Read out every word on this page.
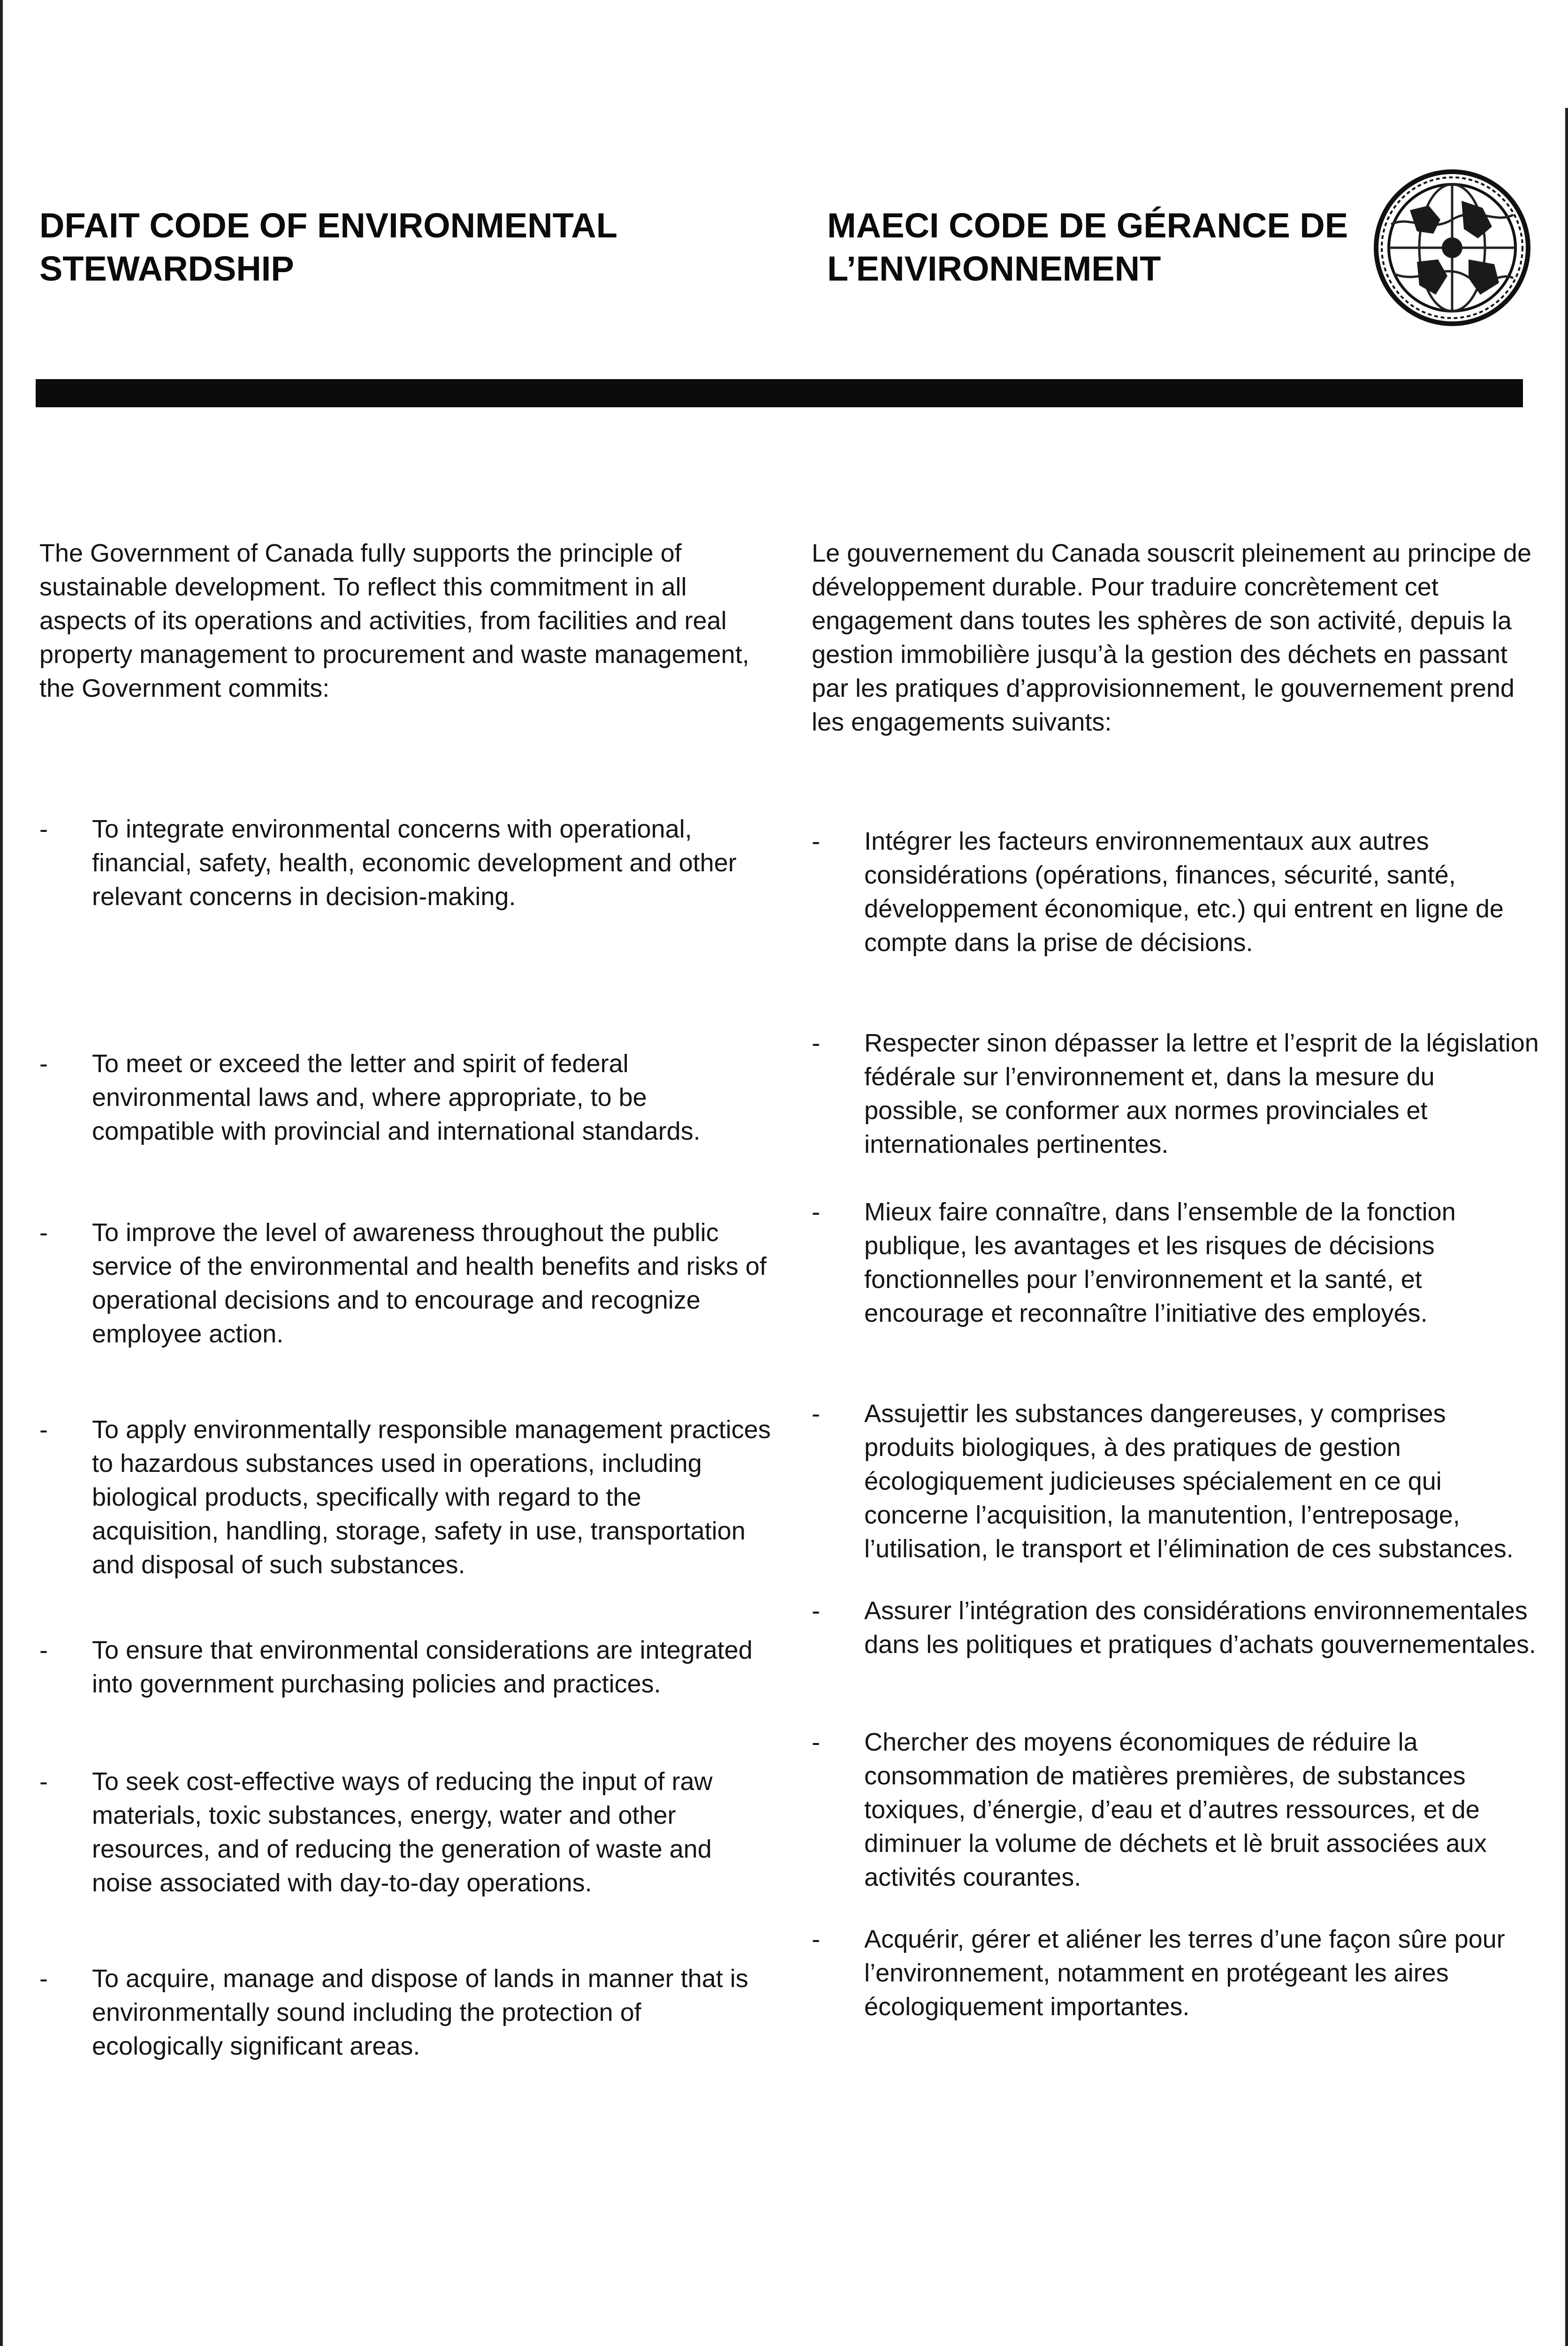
DFAIT CODE OF ENVIRONMENTAL STEWARDSHIP
MAECI CODE DE GÉRANCE DE L’ENVIRONNEMENT

The Government of Canada fully supports the principle of sustainable development. To reflect this commitment in all aspects of its operations and activities, from facilities and real property management to procurement and waste management, the Government commits:

- To integrate environmental concerns with operational, financial, safety, health, economic development and other relevant concerns in decision-making.
- To meet or exceed the letter and spirit of federal environmental laws and, where appropriate, to be compatible with provincial and international standards.
- To improve the level of awareness throughout the public service of the environmental and health benefits and risks of operational decisions and to encourage and recognize employee action.
- To apply environmentally responsible management practices to hazardous substances used in operations, including biological products, specifically with regard to the acquisition, handling, storage, safety in use, transportation and disposal of such substances.
- To ensure that environmental considerations are integrated into government purchasing policies and practices.
- To seek cost-effective ways of reducing the input of raw materials, toxic substances, energy, water and other resources, and of reducing the generation of waste and noise associated with day-to-day operations.
- To acquire, manage and dispose of lands in manner that is environmentally sound including the protection of ecologically significant areas.

Le gouvernement du Canada souscrit pleinement au principe de développement durable. Pour traduire concrètement cet engagement dans toutes les sphères de son activité, depuis la gestion immobilière jusqu’à la gestion des déchets en passant par les pratiques d’approvisionnement, le gouvernement prend les engagements suivants:

- Intégrer les facteurs environnementaux aux autres considérations (opérations, finances, sécurité, santé, développement économique, etc.) qui entrent en ligne de compte dans la prise de décisions.
- Respecter sinon dépasser la lettre et l’esprit de la législation fédérale sur l’environnement et, dans la mesure du possible, se conformer aux normes provinciales et internationales pertinentes.
- Mieux faire connaître, dans l’ensemble de la fonction publique, les avantages et les risques de décisions fonctionnelles pour l’environnement et la santé, et encourage et reconnaître l’initiative des employés.
- Assujettir les substances dangereuses, y comprises produits biologiques, à des pratiques de gestion écologiquement judicieuses spécialement en ce qui concerne l’acquisition, la manutention, l’entreposage, l’utilisation, le transport et l’élimination de ces substances.
- Assurer l’intégration des considérations environnementales dans les politiques et pratiques d’achats gouvernementales.
- Chercher des moyens économiques de réduire la consommation de matières premières, de substances toxiques, d’énergie, d’eau et d’autres ressources, et de diminuer la volume de déchets et lè bruit associées aux activités courantes.
- Acquérir, gérer et aliéner les terres d’une façon sûre pour l’environnement, notamment en protégeant les aires écologiquement importantes.
